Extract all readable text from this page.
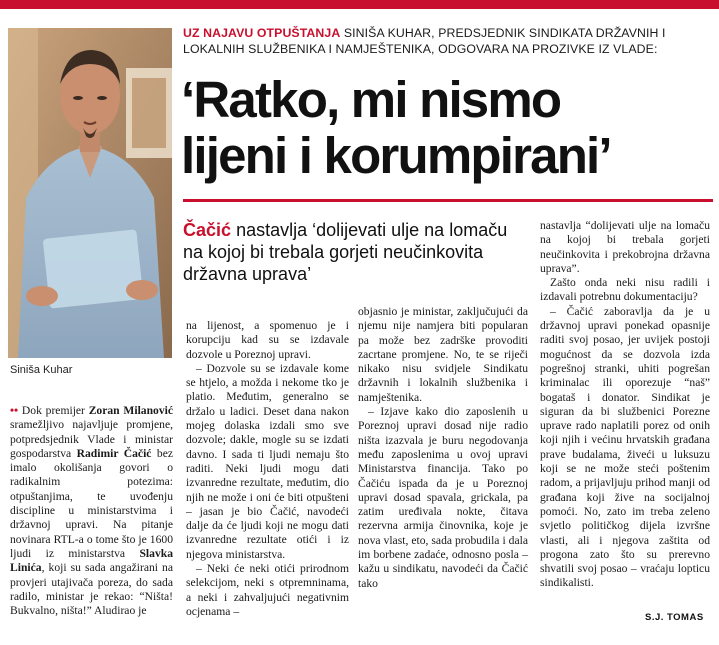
Siniša Kuhar
UZ NAJAVU OTPUŠTANJA SINIŠA KUHAR, PREDSJEDNIK SINDIKATA DRŽAVNIH I LOKALNIH SLUŽBENIKA I NAMJEŠTENIKA, ODGOVARA NA PROZIVKE IZ VLADE:
‘Ratko, mi nismo
lijeni i korumpirani’
Čačić nastavlja ‘dolijevati ulje na lomaču na kojoj bi trebala gorjeti neučinkovita državna uprava’

•• Dok premijer Zoran Milanović sramežljivo najavljuje promjene, potpredsjednik Vlade i ministar gospodarstva Radimir Čačić bez imalo okolišanja govori o radikalnim potezima: otpuštanjima, te uvođenju discipline u ministarstvima i državnoj upravi. Na pitanje novinara RTL-a o tome što je 1600 ljudi iz ministarstva Slavka Linića, koji su sada angažirani na provjeri utajivača poreza, do sada radilo, ministar je rekao: “Ništa! Bukvalno, ništa!” Aludirao je

na lijenost, a spomenuo je i korupciju kad su se izdavale dozvole u Poreznoj upravi.

– Dozvole su se izdavale kome se htjelo, a možda i nekome tko je platio. Međutim, generalno se držalo u ladici. Deset dana nakon mojeg dolaska izdali smo sve dozvole; dakle, mogle su se izdati davno. I sada ti ljudi nemaju što raditi. Neki ljudi mogu dati izvanredne rezultate, međutim, dio njih ne može i oni će biti otpušteni – jasan je bio Čačić, navodeći dalje da će ljudi koji ne mogu dati izvanredne rezultate otići i iz njegova ministarstva.

– Neki će neki otići prirodnom selekcijom, neki s otpremninama, a neki i zahvaljujući negativnim ocjenama –

objasnio je ministar, zaključujući da njemu nije namjera biti popularan pa može bez zadrške provoditi zacrtane promjene. No, te se riječi nikako nisu svidjele Sindikatu državnih i lokalnih službenika i namještenika.

– Izjave kako dio zaposlenih u Poreznoj upravi dosad nije radio ništa izazvala je buru negodovanja među zaposlenima u ovoj upravi Ministarstva financija. Tako po Čačiću ispada da je u Poreznoj upravi dosad spavala, grickala, pa zatim uređivala nokte, čitava rezervna armija činovnika, koje je nova vlast, eto, sada probudila i dala im borbene zadaće, odnosno posla – kažu u sindikatu, navodeći da Čačić tako

nastavlja “dolijevati ulje na lomaču na kojoj bi trebala gorjeti neučinkovita i prekobrojna državna uprava”.

Zašto onda neki nisu radili i izdavali potrebnu dokumentaciju?

– Čačić zaboravlja da je u državnoj upravi ponekad opasnije raditi svoj posao, jer uvijek postoji mogućnost da se dozvola izda pogrešnoj stranki, uhiti pogrešan kriminalac ili oporezuje “naš” bogataš i donator. Sindikat je siguran da bi službenici Porezne uprave rado naplatili porez od onih koji njih i većinu hrvatskih građana prave budalama, živeći u luksuzu koji se ne može steći poštenim radom, a prijavljuju prihod manji od građana koji žive na socijalnoj pomoći. No, zato im treba zeleno svjetlo političkog dijela izvršne vlasti, ali i njegova zaštita od progona zato što su prerevno shvatili svoj posao – vraćaju lopticu sindikalisti.

S.J. TOMAS
